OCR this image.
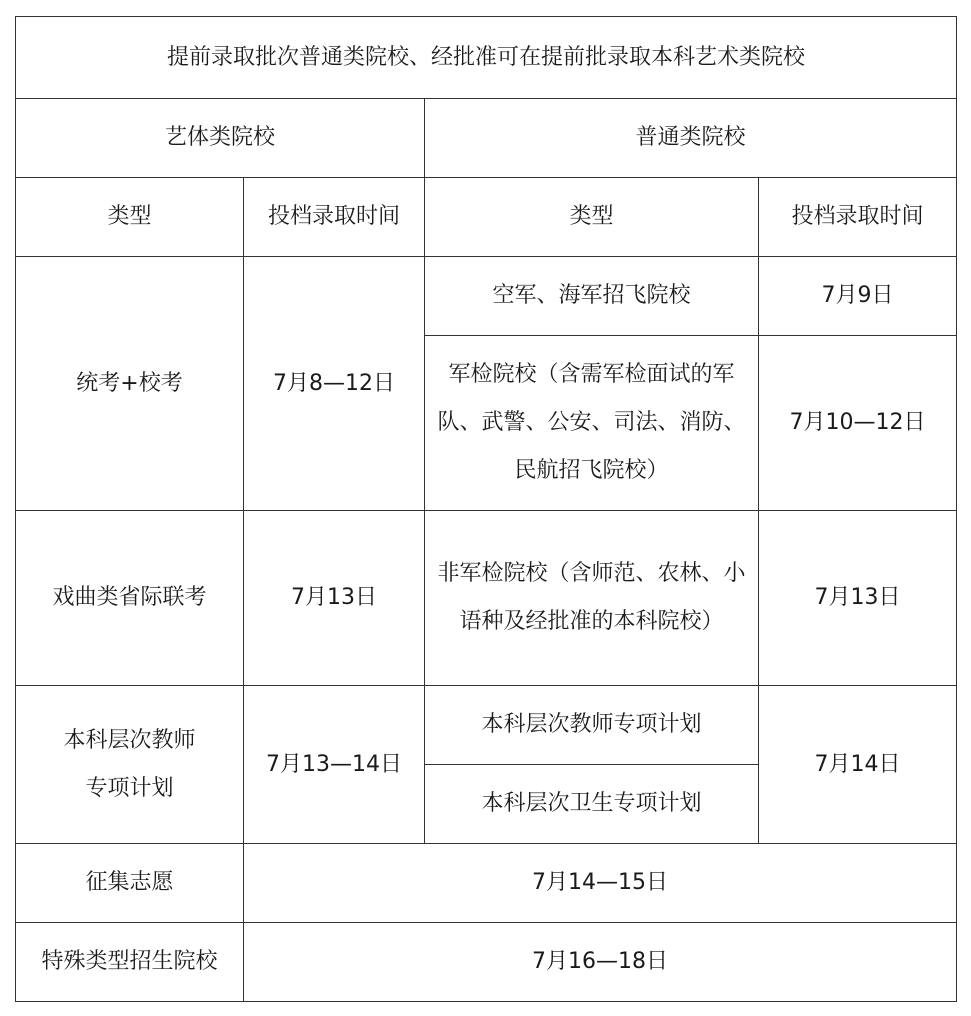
提前录取批次普通类院校、经批准可在提前批录取本科艺术类院校			
艺体类院校		普通类院校	
类型	投档录取时间	类型	投档录取时间
统考+校考	7月8—12日	空军、海军招飞院校	7月9日

		军检院校（含需军检面试的军队、武警、公安、司法、消防、民航招飞院校）	7月10—12日
戏曲类省际联考	7月13日	非军检院校（含师范、农林、小语种及经批准的本科院校）	7月13日
本科层次教师专项计划	7月13—14日	本科层次教师专项计划	7月14日
		本科层次卫生专项计划	
征集志愿	7月14—15日		
特殊类型招生院校	7月16—18日		
